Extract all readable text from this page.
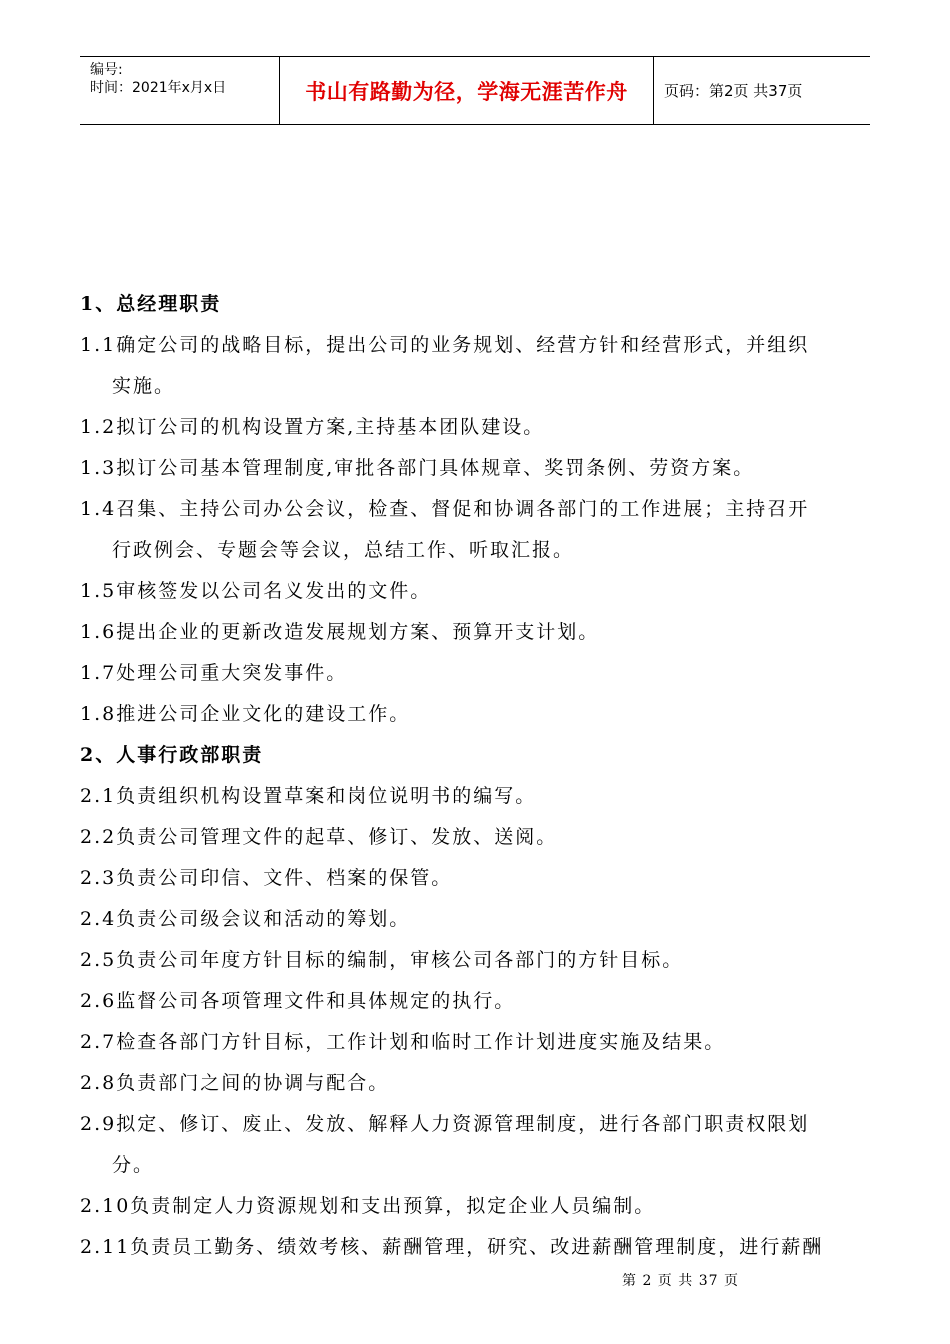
编号:
时间：2021年x月x日	书山有路勤为径，学海无涯苦作舟	页码：第2页 共37页
1、总经理职责
1.1确定公司的战略目标，提出公司的业务规划、经营方针和经营形式，并组织
实施。
1.2拟订公司的机构设置方案,主持基本团队建设。
1.3拟订公司基本管理制度,审批各部门具体规章、奖罚条例、劳资方案。
1.4召集、主持公司办公会议，检查、督促和协调各部门的工作进展；主持召开
行政例会、专题会等会议，总结工作、听取汇报。
1.5审核签发以公司名义发出的文件。
1.6提出企业的更新改造发展规划方案、预算开支计划。
1.7处理公司重大突发事件。
1.8推进公司企业文化的建设工作。
2、人事行政部职责
2.1负责组织机构设置草案和岗位说明书的编写。
2.2负责公司管理文件的起草、修订、发放、送阅。
2.3负责公司印信、文件、档案的保管。
2.4负责公司级会议和活动的筹划。
2.5负责公司年度方针目标的编制，审核公司各部门的方针目标。
2.6监督公司各项管理文件和具体规定的执行。
2.7检查各部门方针目标，工作计划和临时工作计划进度实施及结果。
2.8负责部门之间的协调与配合。
2.9拟定、修订、废止、发放、解释人力资源管理制度，进行各部门职责权限划
分。
2.10负责制定人力资源规划和支出预算，拟定企业人员编制。
2.11负责员工勤务、绩效考核、薪酬管理，研究、改进薪酬管理制度，进行薪酬
第 2 页 共 37 页
